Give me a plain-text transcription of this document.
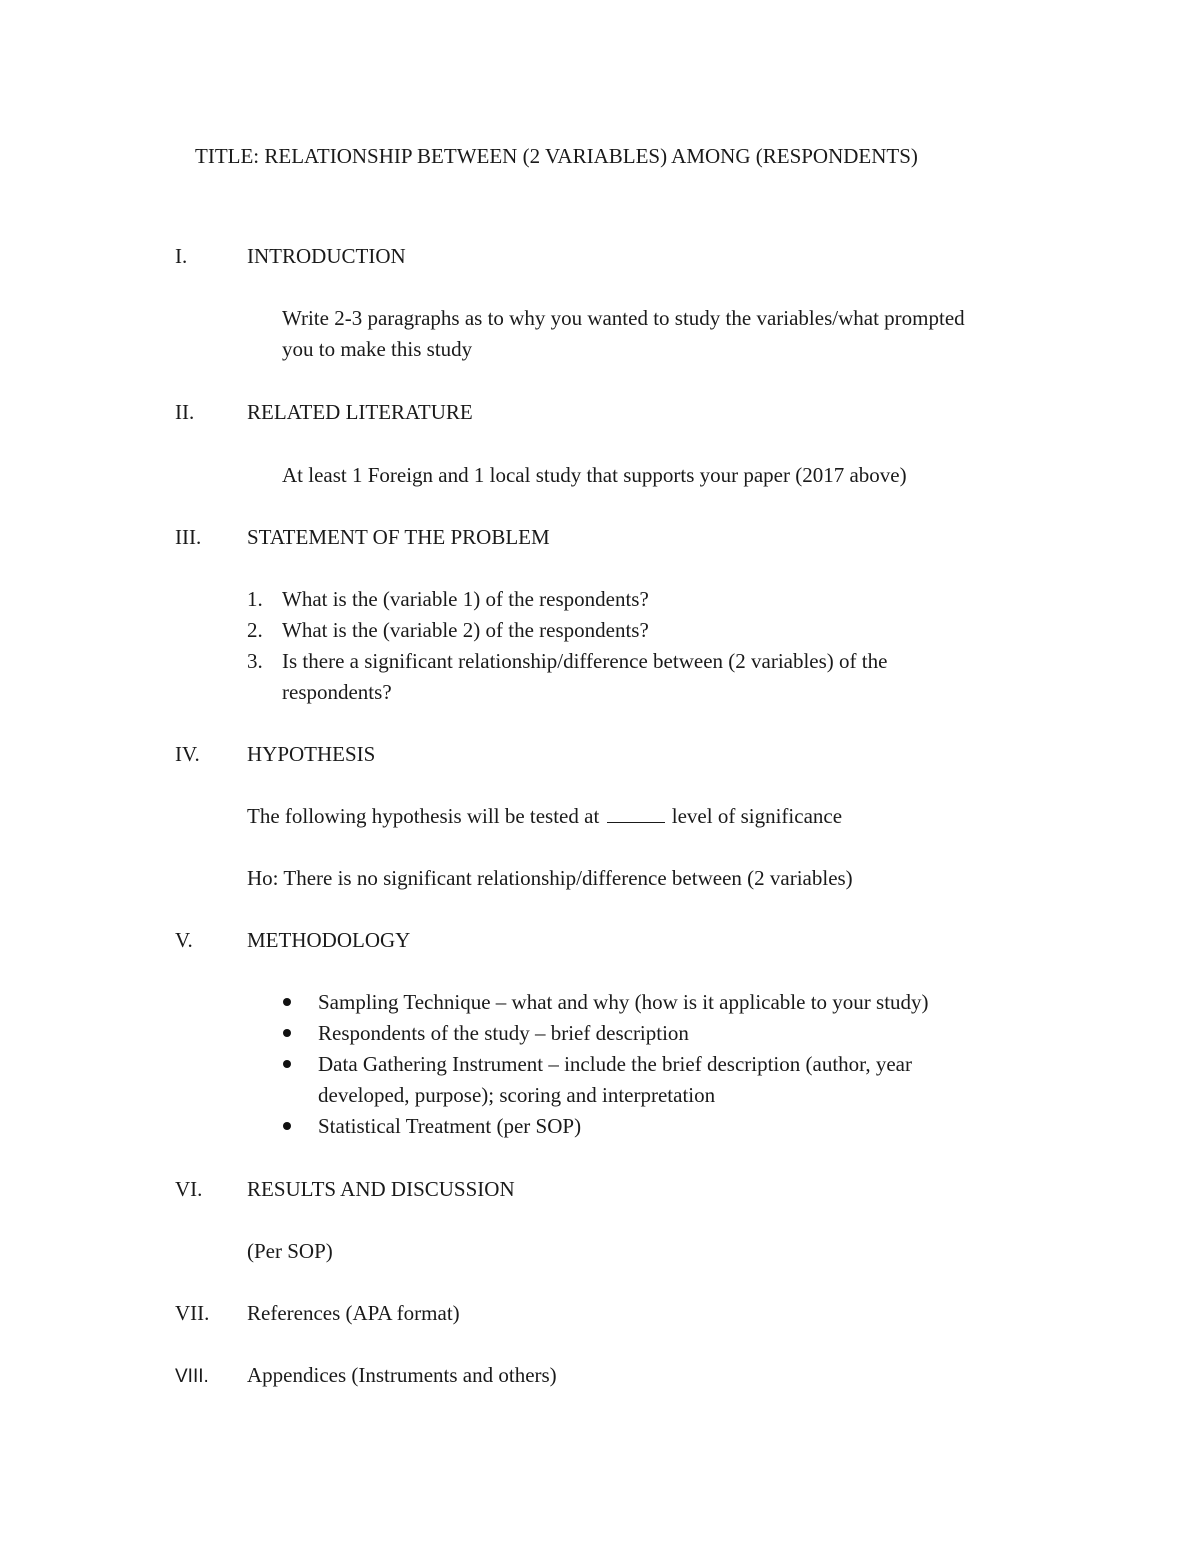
TITLE: RELATIONSHIP BETWEEN (2 VARIABLES) AMONG (RESPONDENTS)
I.	INTRODUCTION
Write 2-3 paragraphs as to why you wanted to study the variables/what prompted
you to make this study
II.	RELATED LITERATURE
At least 1 Foreign and 1 local study that supports your paper (2017 above)
III. STATEMENT OF THE PROBLEM
1. What is the (variable 1) of the respondents?
2. What is the (variable 2) of the respondents?
3. Is there a significant relationship/difference between (2 variables) of the
respondents?
IV. HYPOTHESIS
The following hypothesis will be tested at	level of significance
Ho: There is no significant relationship/difference between (2 variables)
V.	METHODOLOGY
Sampling Technique – what and why (how is it applicable to your study)
Respondents of the study – brief description
Data Gathering Instrument – include the brief description (author, year
developed, purpose); scoring and interpretation
Statistical Treatment (per SOP)
VI. RESULTS AND DISCUSSION
(Per SOP)
VII. References (APA format)
VIII. Appendices (Instruments and others)
